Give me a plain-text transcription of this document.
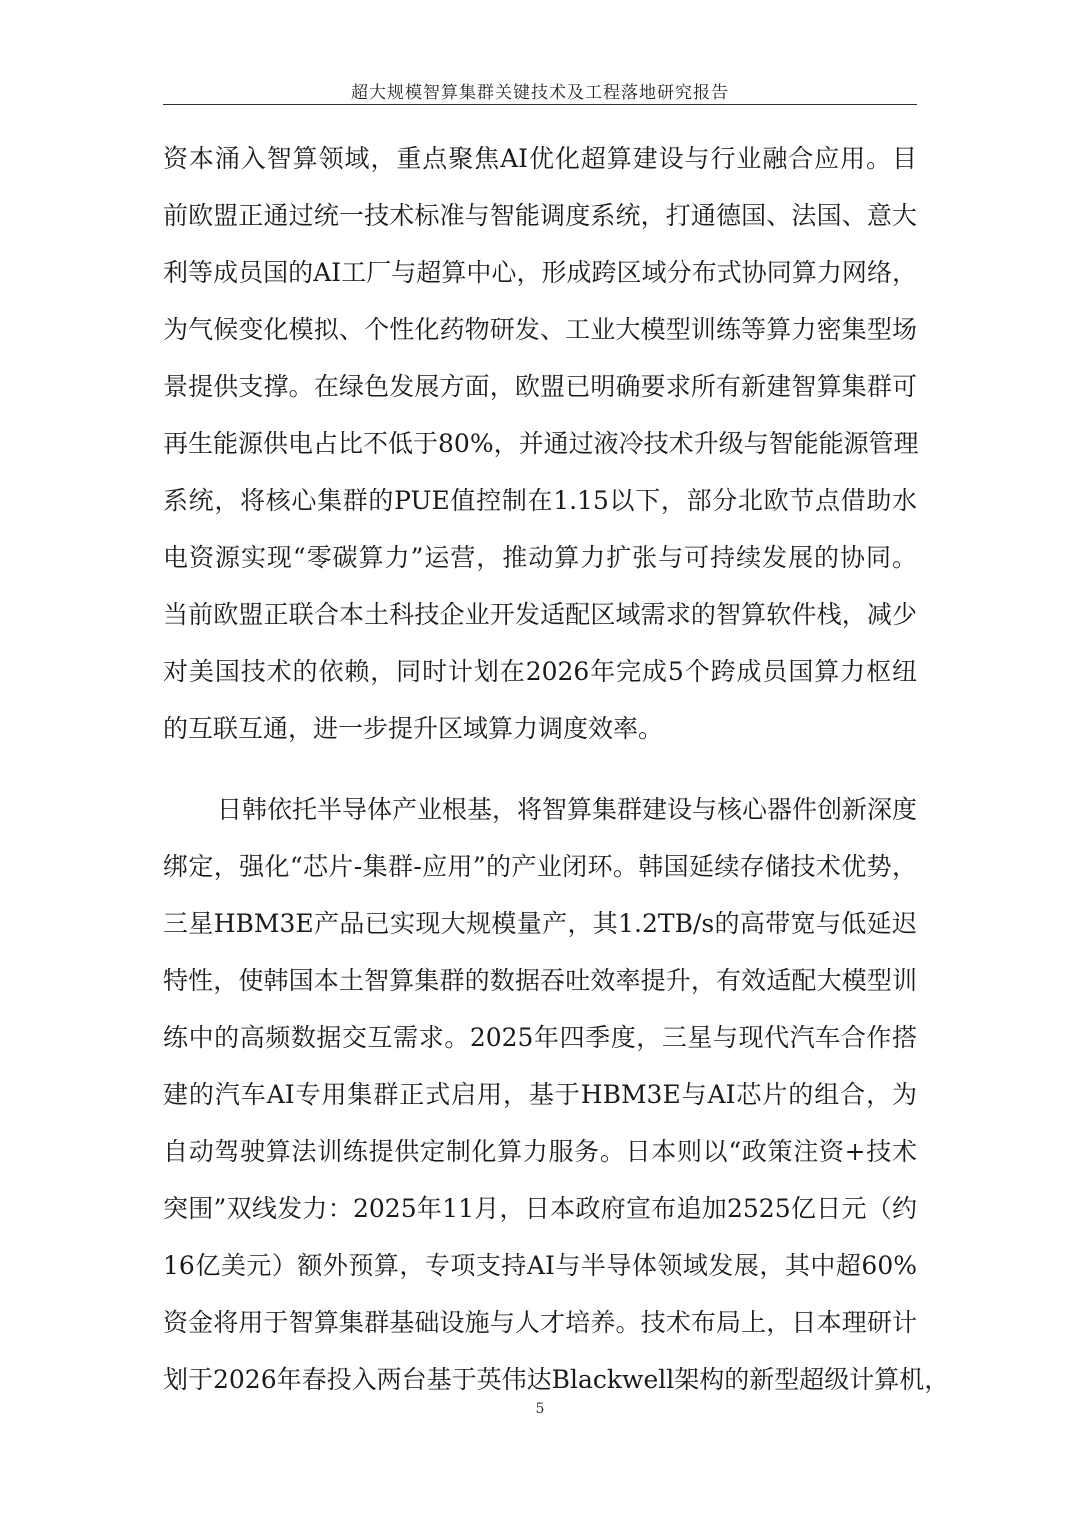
超大规模智算集群关键技术及工程落地研究报告
资本涌入智算领域，重点聚焦AI优化超算建设与行业融合应用。目
前欧盟正通过统一技术标准与智能调度系统，打通德国、法国、意大
利等成员国的AI工厂与超算中心，形成跨区域分布式协同算力网络，
为气候变化模拟、个性化药物研发、工业大模型训练等算力密集型场
景提供支撑。在绿色发展方面，欧盟已明确要求所有新建智算集群可
再生能源供电占比不低于80%，并通过液冷技术升级与智能能源管理
系统，将核心集群的PUE值控制在1.15以下，部分北欧节点借助水
电资源实现“零碳算力”运营，推动算力扩张与可持续发展的协同。
当前欧盟正联合本土科技企业开发适配区域需求的智算软件栈，减少
对美国技术的依赖，同时计划在2026年完成5个跨成员国算力枢纽
的互联互通，进一步提升区域算力调度效率。
日韩依托半导体产业根基，将智算集群建设与核心器件创新深度
绑定，强化“芯片-集群-应用”的产业闭环。韩国延续存储技术优势，
三星HBM3E产品已实现大规模量产，其1.2TB/s的高带宽与低延迟
特性，使韩国本土智算集群的数据吞吐效率提升，有效适配大模型训
练中的高频数据交互需求。2025年四季度，三星与现代汽车合作搭
建的汽车AI专用集群正式启用，基于HBM3E与AI芯片的组合，为
自动驾驶算法训练提供定制化算力服务。日本则以“政策注资+技术
突围”双线发力：2025年11月，日本政府宣布追加2525亿日元（约
16亿美元）额外预算，专项支持AI与半导体领域发展，其中超60%
资金将用于智算集群基础设施与人才培养。技术布局上，日本理研计
划于2026年春投入两台基于英伟达Blackwell架构的新型超级计算机，
5
